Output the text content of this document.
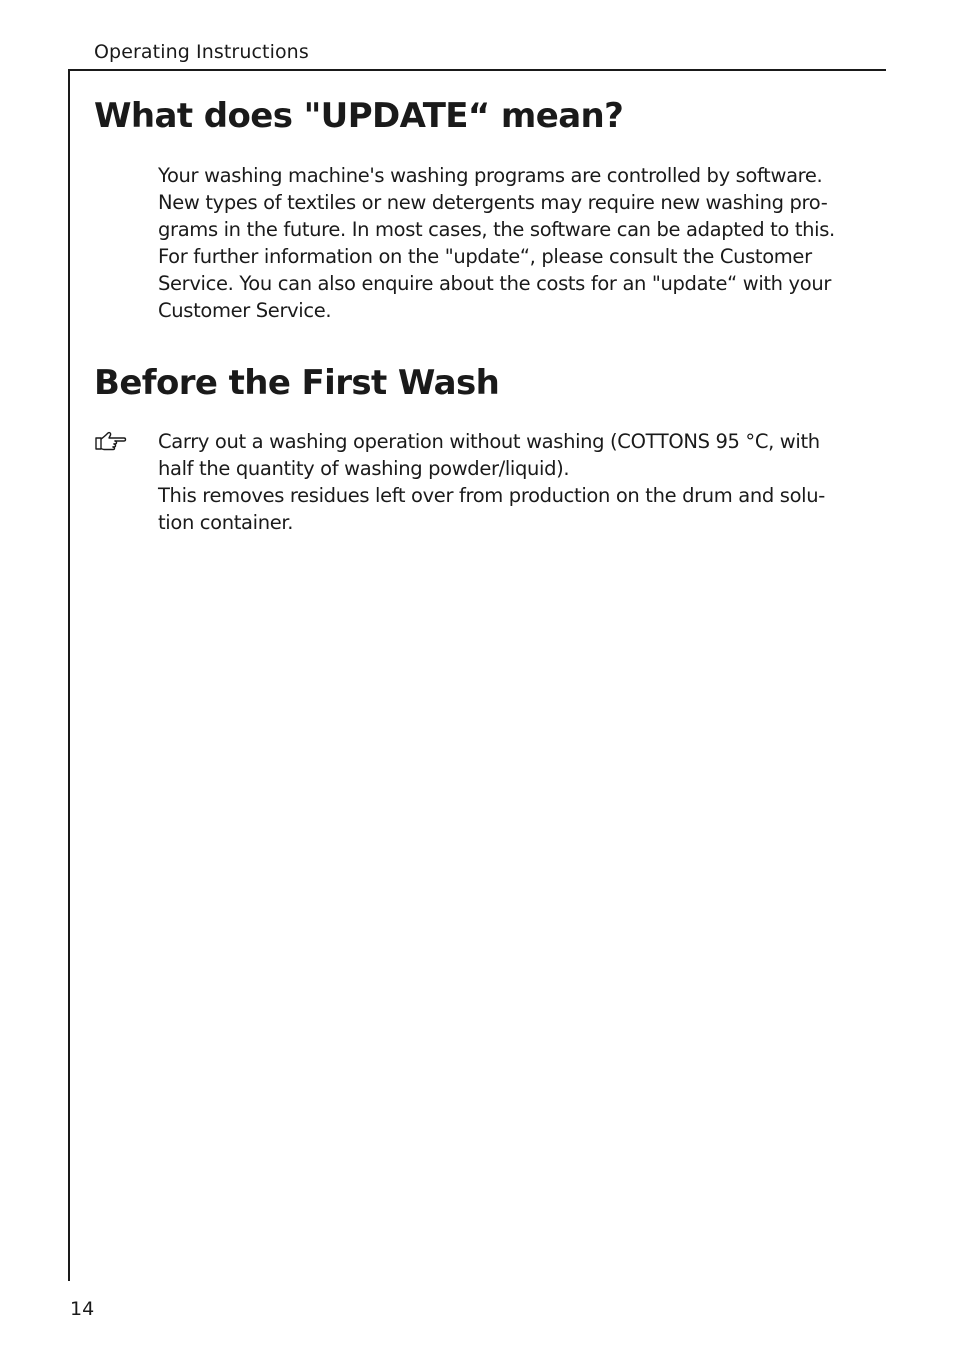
Operating Instructions
What does "UPDATE“ mean?

Your washing machine's washing programs are controlled by software.
New types of textiles or new detergents may require new washing pro-
grams in the future. In most cases, the software can be adapted to this.
For further information on the "update“, please consult the Customer
Service. You can also enquire about the costs for an "update“ with your
Customer Service.

Before the First Wash

Carry out a washing operation without washing (COTTONS 95 °C, with
half the quantity of washing powder/liquid).
This removes residues left over from production on the drum and solu-
tion container.

14
